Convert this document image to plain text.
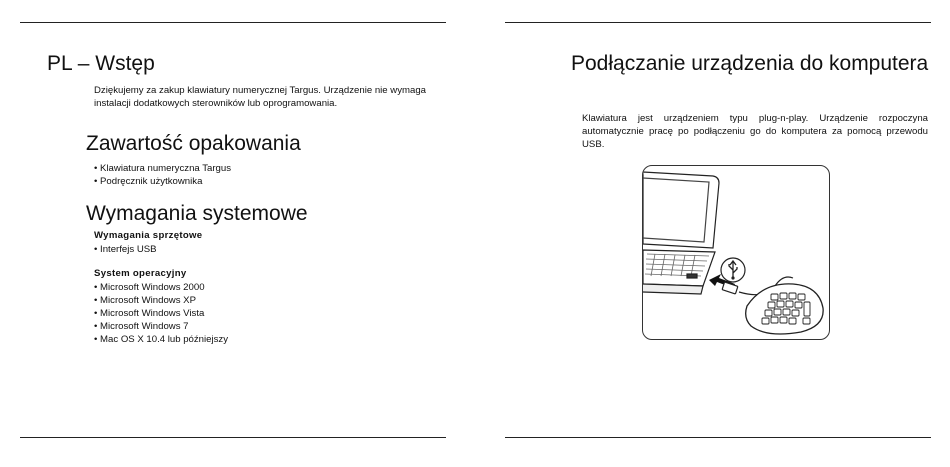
PL – Wstęp
Dziękujemy za zakup klawiatury numerycznej Targus. Urządzenie nie wymaga instalacji dodatkowych sterowników lub oprogramowania.
Zawartość opakowania
• Klawiatura numeryczna Targus
• Podręcznik użytkownika
Wymagania systemowe
Wymagania sprzętowe
• Interfejs USB
System operacyjny
• Microsoft Windows 2000
• Microsoft Windows XP
• Microsoft Windows Vista
• Microsoft Windows 7
• Mac OS X 10.4 lub późniejszy
Podłączanie urządzenia do komputera
Klawiatura jest urządzeniem typu plug-n-play. Urządzenie rozpoczyna automatycznie pracę po podłączeniu go do komputera za pomocą przewodu USB.
